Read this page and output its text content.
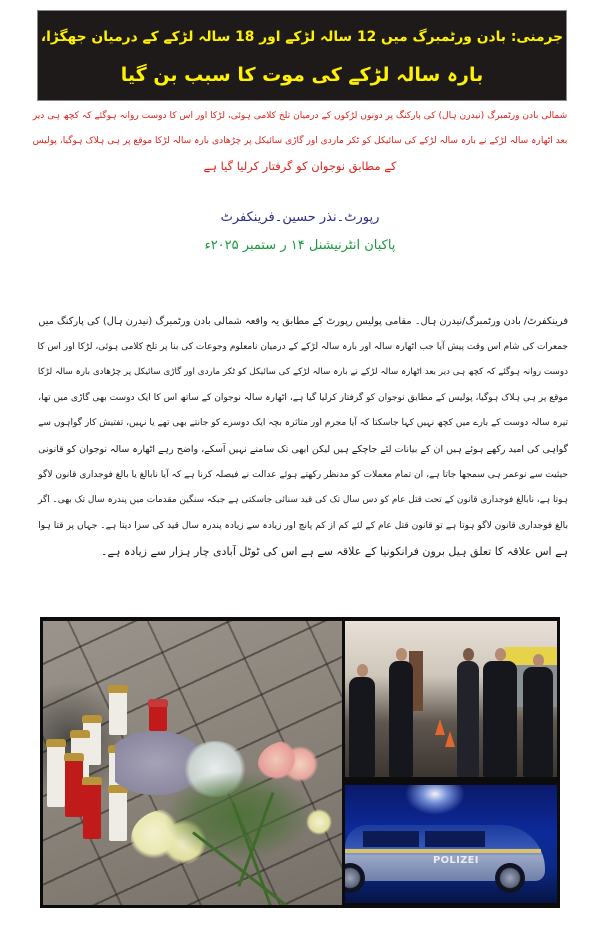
جرمنی: بادن ورٹمبرگ میں 12 سالہ لڑکے اور 18 سالہ لڑکے کے درمیان جھگڑا،
بارہ سالہ لڑکے کی موت کا سبب بن گیا
شمالی بادن ورٹمبرگ (نیدرن ہال) کی پارکنگ پر دونوں لڑکوں کے درمیان تلخ کلامی ہوئی، لڑکا اور اس کا دوست روانہ ہوگئے کہ کچھ ہی دیر
بعد اٹھارہ سالہ لڑکے نے بارہ سالہ لڑکے کی سائیکل کو ٹکر ماردی اور گاڑی سائیکل پر چڑھادی بارہ سالہ لڑکا موقع پر ہی ہلاک ہوگیا، پولیس
کے مطابق نوجوان کو گرفتار کرلیا گیا ہے
رپورٹ۔نذر حسین۔فرینکفرٹ
پاکبان انٹرنیشنل ۱۴ ر ستمبر ۲۰۲۵ء
فرینکفرٹ/ بادن ورٹمبرگ/نیدرن ہال۔ مقامی پولیس رپورٹ کے مطابق یہ واقعہ شمالی بادن ورٹمبرگ (نیدرن ہال) کی پارکنگ میں
جمعرات کی شام اس وقت پیش آیا جب اٹھارہ سالہ اور بارہ سالہ لڑکے کے درمیان نامعلوم وجوعات کی بنا پر تلخ کلامی ہوئی، لڑکا اور اس کا
دوست روانہ ہوگئے کہ کچھ ہی دیر بعد اٹھارہ سالہ لڑکے نے بارہ سالہ لڑکے کی سائیکل کو ٹکر ماردی اور گاڑی سائیکل پر چڑھادی بارہ سالہ لڑکا
موقع پر ہی ہلاک ہوگیا، پولیس کے مطابق نوجوان کو گرفتار کرلیا گیا ہے، اٹھارہ سالہ نوجوان کے ساتھ اس کا ایک دوست بھی گاڑی میں تھا،
تیرہ سالہ دوست کے بارے میں کچھ نہیں کہا جاسکتا کہ آیا مجرم اور متاثرہ بچہ ایک دوسرے کو جانتے بھی تھے یا نہیں، تفتیش کار گواہوں سے
گواہی کی امید رکھے ہوئے ہیں ان کے بیانات لئے جاچکے ہیں لیکن ابھی تک سامنے نہیں آسکے، واضح رہے اٹھارہ سالہ نوجوان کو قانونی
حیثیت سے نوعمر ہی سمجھا جاتا ہے، ان تمام معملات کو مدنظر رکھتے ہوئے عدالت نے فیصلہ کرنا ہے کہ آیا نابالغ یا بالغ فوجداری قانون لاگو
ہوتا ہے، نابالغ فوجداری قانون کے تحت قتل عام کو دس سال تک کی قید سنائی جاسکتی ہے جبکہ سنگین مقدمات میں پندرہ سال تک بھی۔ اگر
بالغ فوجداری قانون لاگو ہوتا ہے تو قانون قتل عام کے لئے کم از کم پانچ اور زیادہ سے زیادہ پندرہ سال قید کی سزا دیتا ہے۔ جہاں پر قتا ہوا
ہے اس علاقہ کا تعلق ہیل برون فرانکونیا کے علاقہ سے ہے اس کی ٹوٹل آبادی چار ہزار سے زیادہ ہے۔
POLIZEI
